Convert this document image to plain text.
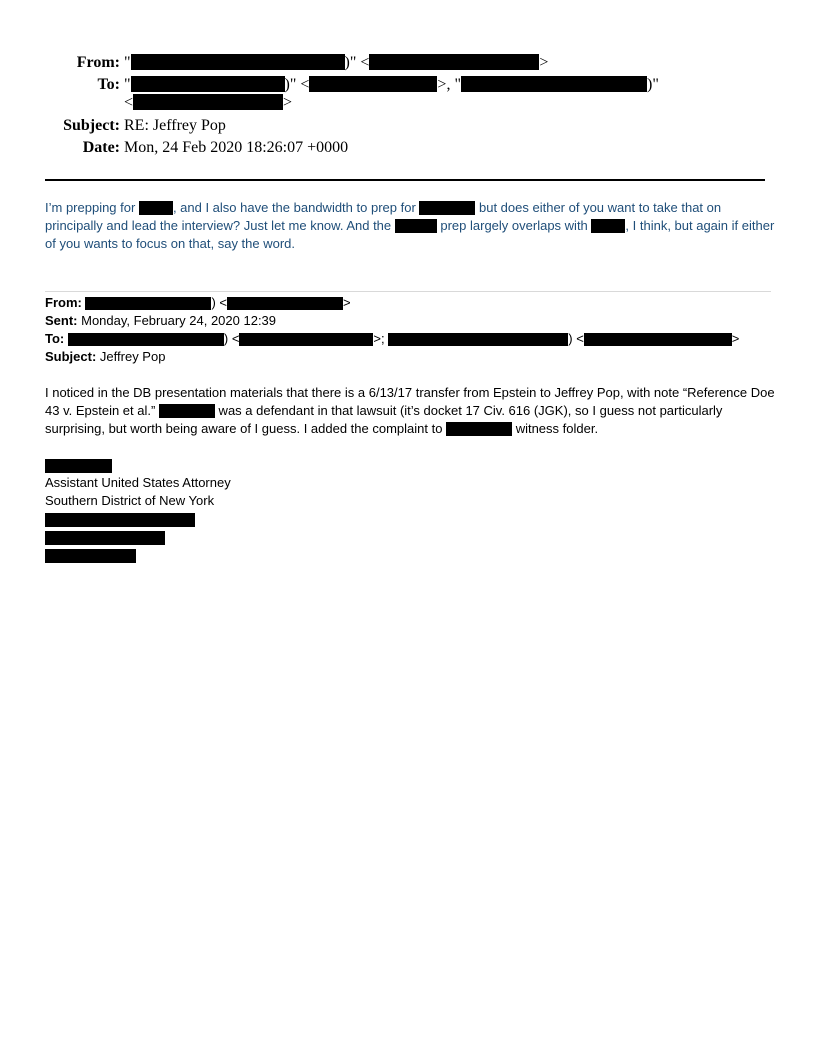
From: "	)" <	>
To: "	)" <	>, "	)"
<	>
Subject: RE: Jeffrey Pop
Date: Mon, 24 Feb 2020 18:26:07 +0000
I’m prepping for	, and I also have the bandwidth to prep for	but does either of you want to take that on principally and lead the interview? Just let me know. And the	prep largely overlaps with	, I think, but again if either of you wants to focus on that, say the word.
From:	) <	>
Sent: Monday, February 24, 2020 12:39
To:	) <	>;	) <	>
Subject: Jeffrey Pop
I noticed in the DB presentation materials that there is a 6/13/17 transfer from Epstein to Jeffrey Pop, with note “Reference Doe 43 v. Epstein et al.”	was a defendant in that lawsuit (it’s docket 17 Civ. 616 (JGK), so I guess not particularly surprising, but worth being aware of I guess. I added the complaint to	witness folder.
Assistant United States Attorney
Southern District of New York
